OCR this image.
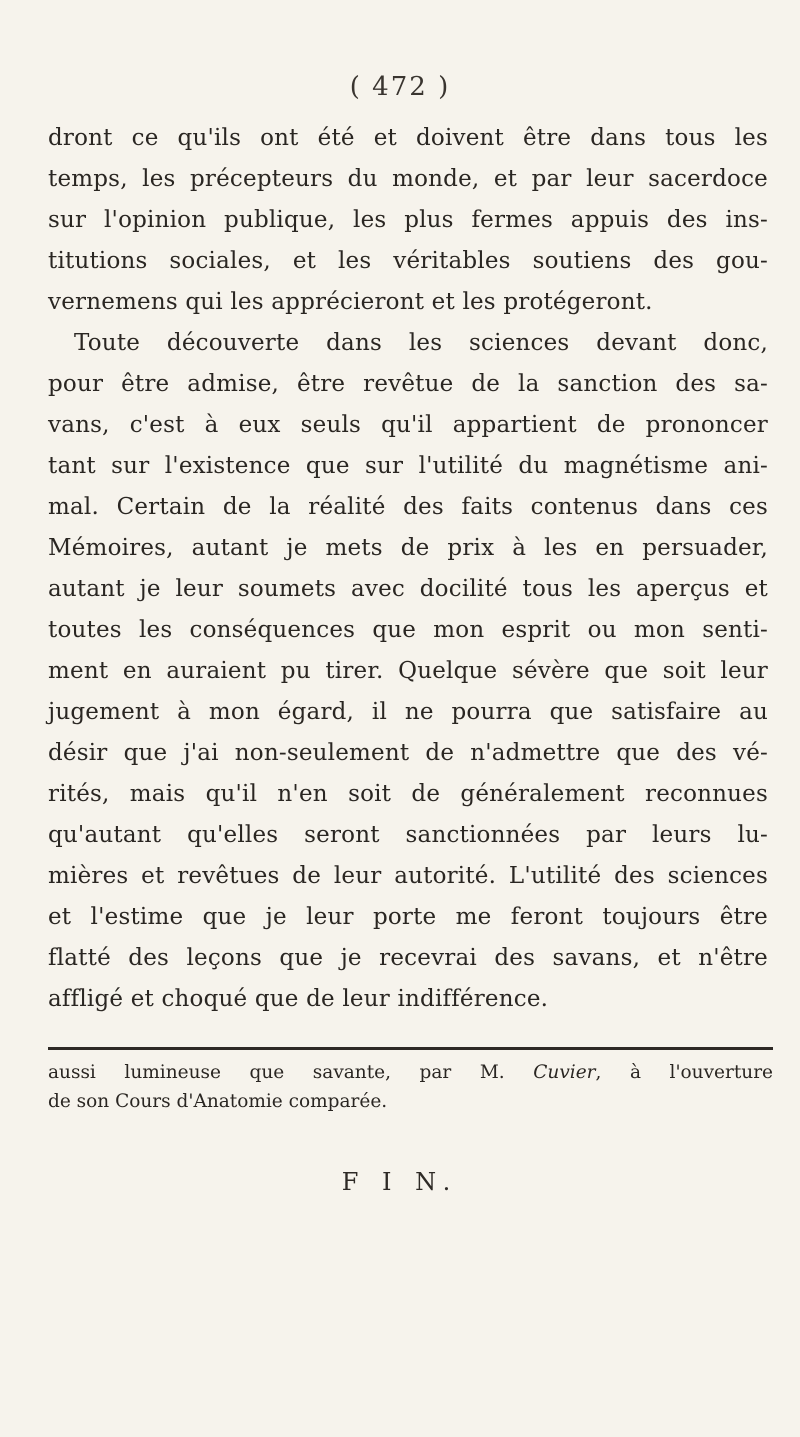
( 472 )
dront ce qu'ils ont été et doivent être dans tous les
temps, les précepteurs du monde, et par leur sacerdoce
sur l'opinion publique, les plus fermes appuis des ins-
titutions sociales, et les véritables soutiens des gou-
vernemens qui les apprécieront et les protégeront.
Toute découverte dans les sciences devant donc,
pour être admise, être revêtue de la sanction des sa-
vans, c'est à eux seuls qu'il appartient de prononcer
tant sur l'existence que sur l'utilité du magnétisme ani-
mal. Certain de la réalité des faits contenus dans ces
Mémoires, autant je mets de prix à les en persuader,
autant je leur soumets avec docilité tous les aperçus et
toutes les conséquences que mon esprit ou mon senti-
ment en auraient pu tirer. Quelque sévère que soit leur
jugement à mon égard, il ne pourra que satisfaire au
désir que j'ai non-seulement de n'admettre que des vé-
rités, mais qu'il n'en soit de généralement reconnues
qu'autant qu'elles seront sanctionnées par leurs lu-
mières et revêtues de leur autorité. L'utilité des sciences
et l'estime que je leur porte me feront toujours être
flatté des leçons que je recevrai des savans, et n'être
affligé et choqué que de leur indifférence.
aussi lumineuse que savante, par M. Cuvier, à l'ouverture
de son Cours d'Anatomie comparée.
F I N.
